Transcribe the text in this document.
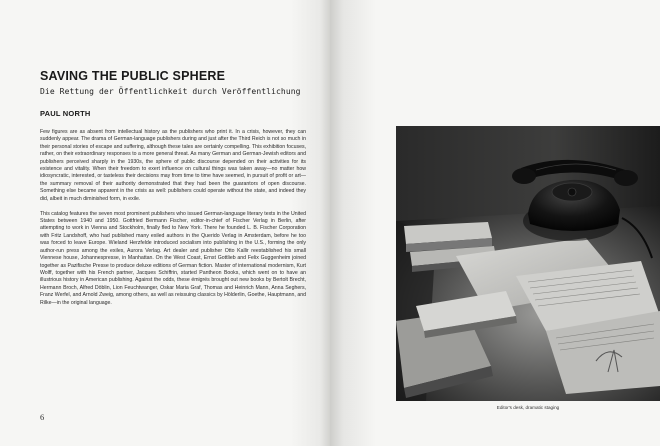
SAVING THE PUBLIC SPHERE
Die Rettung der Öffentlichkeit durch Veröffentlichung
PAUL NORTH

Few figures are as absent from intellectual history as the publishers who print it. In a crisis, however, they can suddenly appear. The drama of German-language publishers during and just after the Third Reich is not so much in their personal stories of escape and suffering, although these tales are certainly compelling. This exhibition focuses, rather, on their extraordinary responses to a more general threat. As many German and German-Jewish editors and publishers perceived sharply in the 1930s, the sphere of public discourse depended on their activities for its existence and vitality. When their freedom to exert influence on cultural things was taken away—no matter how idiosyncratic, interested, or tasteless their decisions may from time to time have seemed, in pursuit of profit or art—the summary removal of their authority demonstrated that they had been the guarantors of open discourse. Something else became apparent in the crisis as well: publishers could operate without the state, and indeed they did, albeit in much diminished form, in exile.

This catalog features the seven most prominent publishers who issued German-language literary texts in the United States between 1940 and 1950. Gottfried Bermann Fischer, editor-in-chief of Fischer Verlag in Berlin, after attempting to work in Vienna and Stockholm, finally fled to New York. There he founded L. B. Fischer Corporation with Fritz Landshoff, who had published many exiled authors in the Querido Verlag in Amsterdam, before he too was forced to leave Europe. Wieland Herzfelde introduced socialism into publishing in the U.S., forming the only author-run press among the exiles, Aurora Verlag. Art dealer and publisher Otto Kallir reestablished his small Viennese house, Johannespresse, in Manhattan. On the West Coast, Ernst Gottlieb and Felix Guggenheim joined together as Pazifische Presse to produce deluxe editions of German fiction. Master of international modernism, Kurt Wolff, together with his French partner, Jacques Schiffrin, started Pantheon Books, which went on to have an illustrious history in American publishing. Against the odds, these émigrés brought out new books by Bertolt Brecht, Hermann Broch, Alfred Döblin, Lion Feuchtwanger, Oskar Maria Graf, Thomas and Heinrich Mann, Anna Seghers, Franz Werfel, and Arnold Zweig, among others, as well as reissuing classics by Hölderlin, Goethe, Hauptmann, and Rilke—in the original language.

6
Editor's desk, dramatic staging
